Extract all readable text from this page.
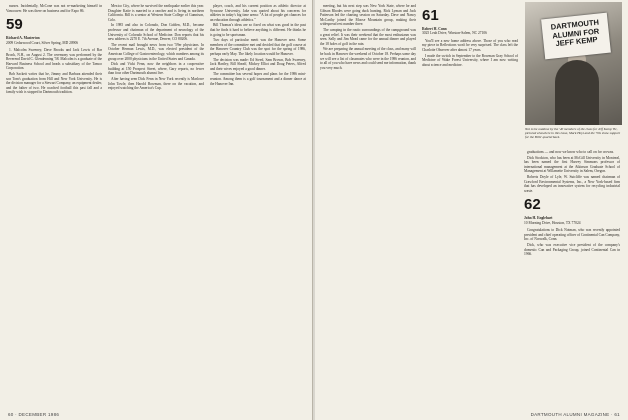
nurses. Incidentally, McCone was not re-marketing himself in Vancouver. He was there on business and for Expo 86.

59
Richard A. Masterton
2009 Cedarwood Court, Silver Spring, MD 20906

1. Malcolm Sweeney, Dave Brooks and Jack Lewis of Bar Brook, N.H., on August 2. The ceremony was performed by the Reverend David C. Glendenning '58. Malcolm is a graduate of the Harvard Business School and heads a subsidiary of the Tamco Corporation.

Bob Sackett writes that he, Jimmy and Barbara attended their son Tom's graduation from Hill and New York University. He is the division manager for a Stewart Company, an equipment dealer, and the father of two. He coached football this past fall and a family wish is stopped in Dartmouth tradition.

Mexico City, where he survived the earthquake earlier this year. Doughter Katie is married to a rancher and is living in northern California. Bill is a senior at Western State College of Gunnison, Colo.

In 1985 and also in Colorado, Don Golden, M.D., became professor and chairman of the department of neurology of the University of Colorado School of Medicine. Don reports that his new address is 2270 E. 7th Avenue, Denver, CO 80206.

The recent mail brought news from two '59er physicians. In October Herman Lewis, M.D., was elected president of the American College of Gastroenterology, which numbers among its group over 2000 physicians in the United States and Canada.

Dick and Vicki Fenn, now the neighbors in a cooperative building at 150 Prospect Street, where, Gary reports, no fewer than four other Dartmouth alumni live.

After having seen Dick Fenn in New York recently is Marlowe John Towle, then Harold Bowman, there on the vacation, and enjoyed watching the America's Cup.

player, coach, and his current position as athletic director at Syracuse University. Jake was quoted about his concerns for athletes in today's big time arena: "A lot of people get chances for an education through athletics."

Bill Thomas's ideas are so fixed on what was good in the past that he finds it hard to believe anything is different. He thinks he is going to be sportsman.

Two days of particular merit was the Hanover area. Some members of the committee met and decided that the golf course at the Hanover Country Club was the spot for the spring of 1986, perhaps early May. The likely location would be Hanover.

The decision was made: Ed Steed, Sam Brown, Bob Sweeney, Jack Hartley, Bill Sheaff, Mickey Elliot and Doug Peters, Alfred and their wives enjoyed a good dinner.

The committee has several hopes and plans for the 1986 mini-reunion. Among them is a golf tournament and a dinner dance at the Hanover Inn.

60 · DECEMBER 1986

meeting, but his next step was New York State, where he and Gibson Rhodes were going duck hunting. Rick Lyman and Jack Patterson led the charting session on Saturday. Dave and Nancy McCarthy joined the Moose Mountain group, making their widespread rest number three.

The camping in the rustic surroundings of the campground was a great relief. It was their weekend that the most enthusiasm was seen. Sally and Jim Mead came for the annual dinner and played the 18 holes of golf in the rain.

We are preparing the annual meeting of the class, and many will be back in Hanover the weekend of October 18. Perhaps some day we will see a list of classmates who were in the 1986 reunion, and to all of you who have news and could send me information, thank you very much.

61
Robert H. Conn
3025 Leah Drive, Winston-Salem, NC 27106

You'll see a new home address above. Those of you who read my piece in Reflections won't be very surprised. The class left the Charlotte Observer after almost 17 years.

I made the switch in September to the Bowman Gray School of Medicine of Wake Forest University, where I am now writing about science and medicine.

graduations — and now we know who to call on for crowns.

Dick Stockton, who has been at McGill University in Montreal, has been named the first Harvey Simmons professor of international management at the Atkinson Graduate School of Management at Willamette University in Salem, Oregon.

Roberts Doyle of Lyle, W. Sutcliffe was named chairman of Crawford Environmental Systems, Inc., a New York-based firm that has developed an innovative system for recycling industrial waste.

62
John H. Englehart
10 Morning Drive, Houston, TX 77024

Congratulations to Dick Notman, who was recently appointed president and chief operating officer of Continental Can Company, Inc. of Norwalk, Conn.

Dick, who was executive vice president of the company's domestic Can and Packaging Group, joined Continental Can in 1966.

DARTMOUTH ALUMNI FOR JEFF KEMP
Not to be outdone by the '40 members of the class for Jeff Kemp '81, pictured elsewhere in this issue, Mark Hoyt and the '59s show support for the Bills' quarterback.
DARTMOUTH ALUMNI MAGAZINE · 61
